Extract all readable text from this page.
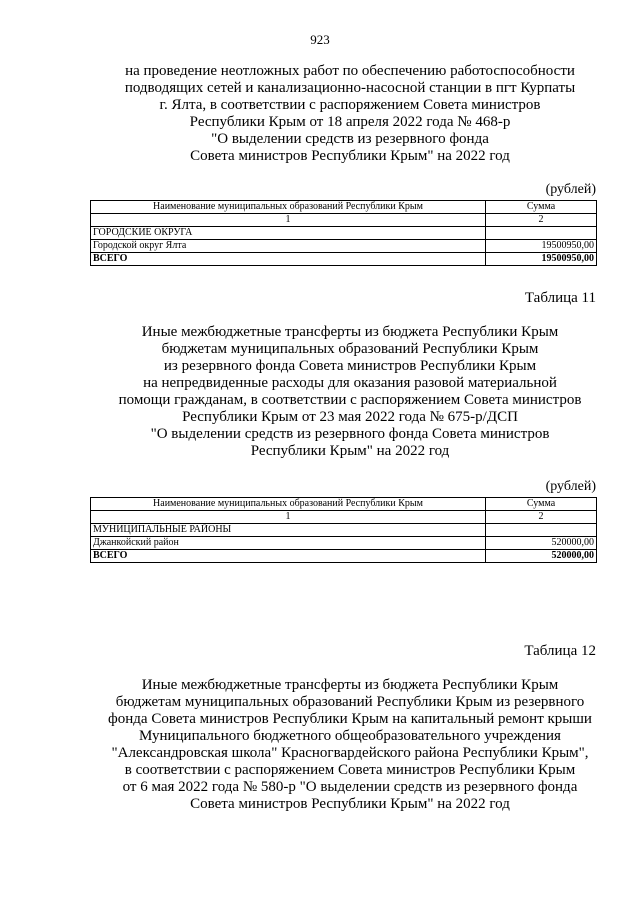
923
на проведение неотложных работ по обеспечению работоспособности
подводящих сетей и канализационно-насосной станции в пгт Курпаты
г. Ялта, в соответствии с распоряжением Совета министров
Республики Крым от 18 апреля 2022 года № 468-р
"О выделении средств из резервного фонда
Совета министров Республики Крым" на 2022 год
(рублей)
Наименование муниципальных образований Республики Крым	Сумма
1	2
ГОРОДСКИЕ ОКРУГА	
Городской округ Ялта	19500950,00
ВСЕГО	19500950,00
Таблица 11
Иные межбюджетные трансферты из бюджета Республики Крым
бюджетам муниципальных образований Республики Крым
из резервного фонда Совета министров Республики Крым
на непредвиденные расходы для оказания разовой материальной
помощи гражданам, в соответствии с распоряжением Совета министров
Республики Крым от 23 мая 2022 года № 675-р/ДСП
"О выделении средств из резервного фонда Совета министров
Республики Крым" на 2022 год
(рублей)
Наименование муниципальных образований Республики Крым	Сумма
1	2
МУНИЦИПАЛЬНЫЕ РАЙОНЫ	
Джанкойский район	520000,00
ВСЕГО	520000,00
Таблица 12
Иные межбюджетные трансферты из бюджета Республики Крым
бюджетам муниципальных образований Республики Крым из резервного
фонда Совета министров Республики Крым на капитальный ремонт крыши
Муниципального бюджетного общеобразовательного учреждения
"Александровская школа" Красногвардейского района Республики Крым",
в соответствии с распоряжением Совета министров Республики Крым
от 6 мая 2022 года № 580-р "О выделении средств из резервного фонда
Совета министров Республики Крым" на 2022 год
